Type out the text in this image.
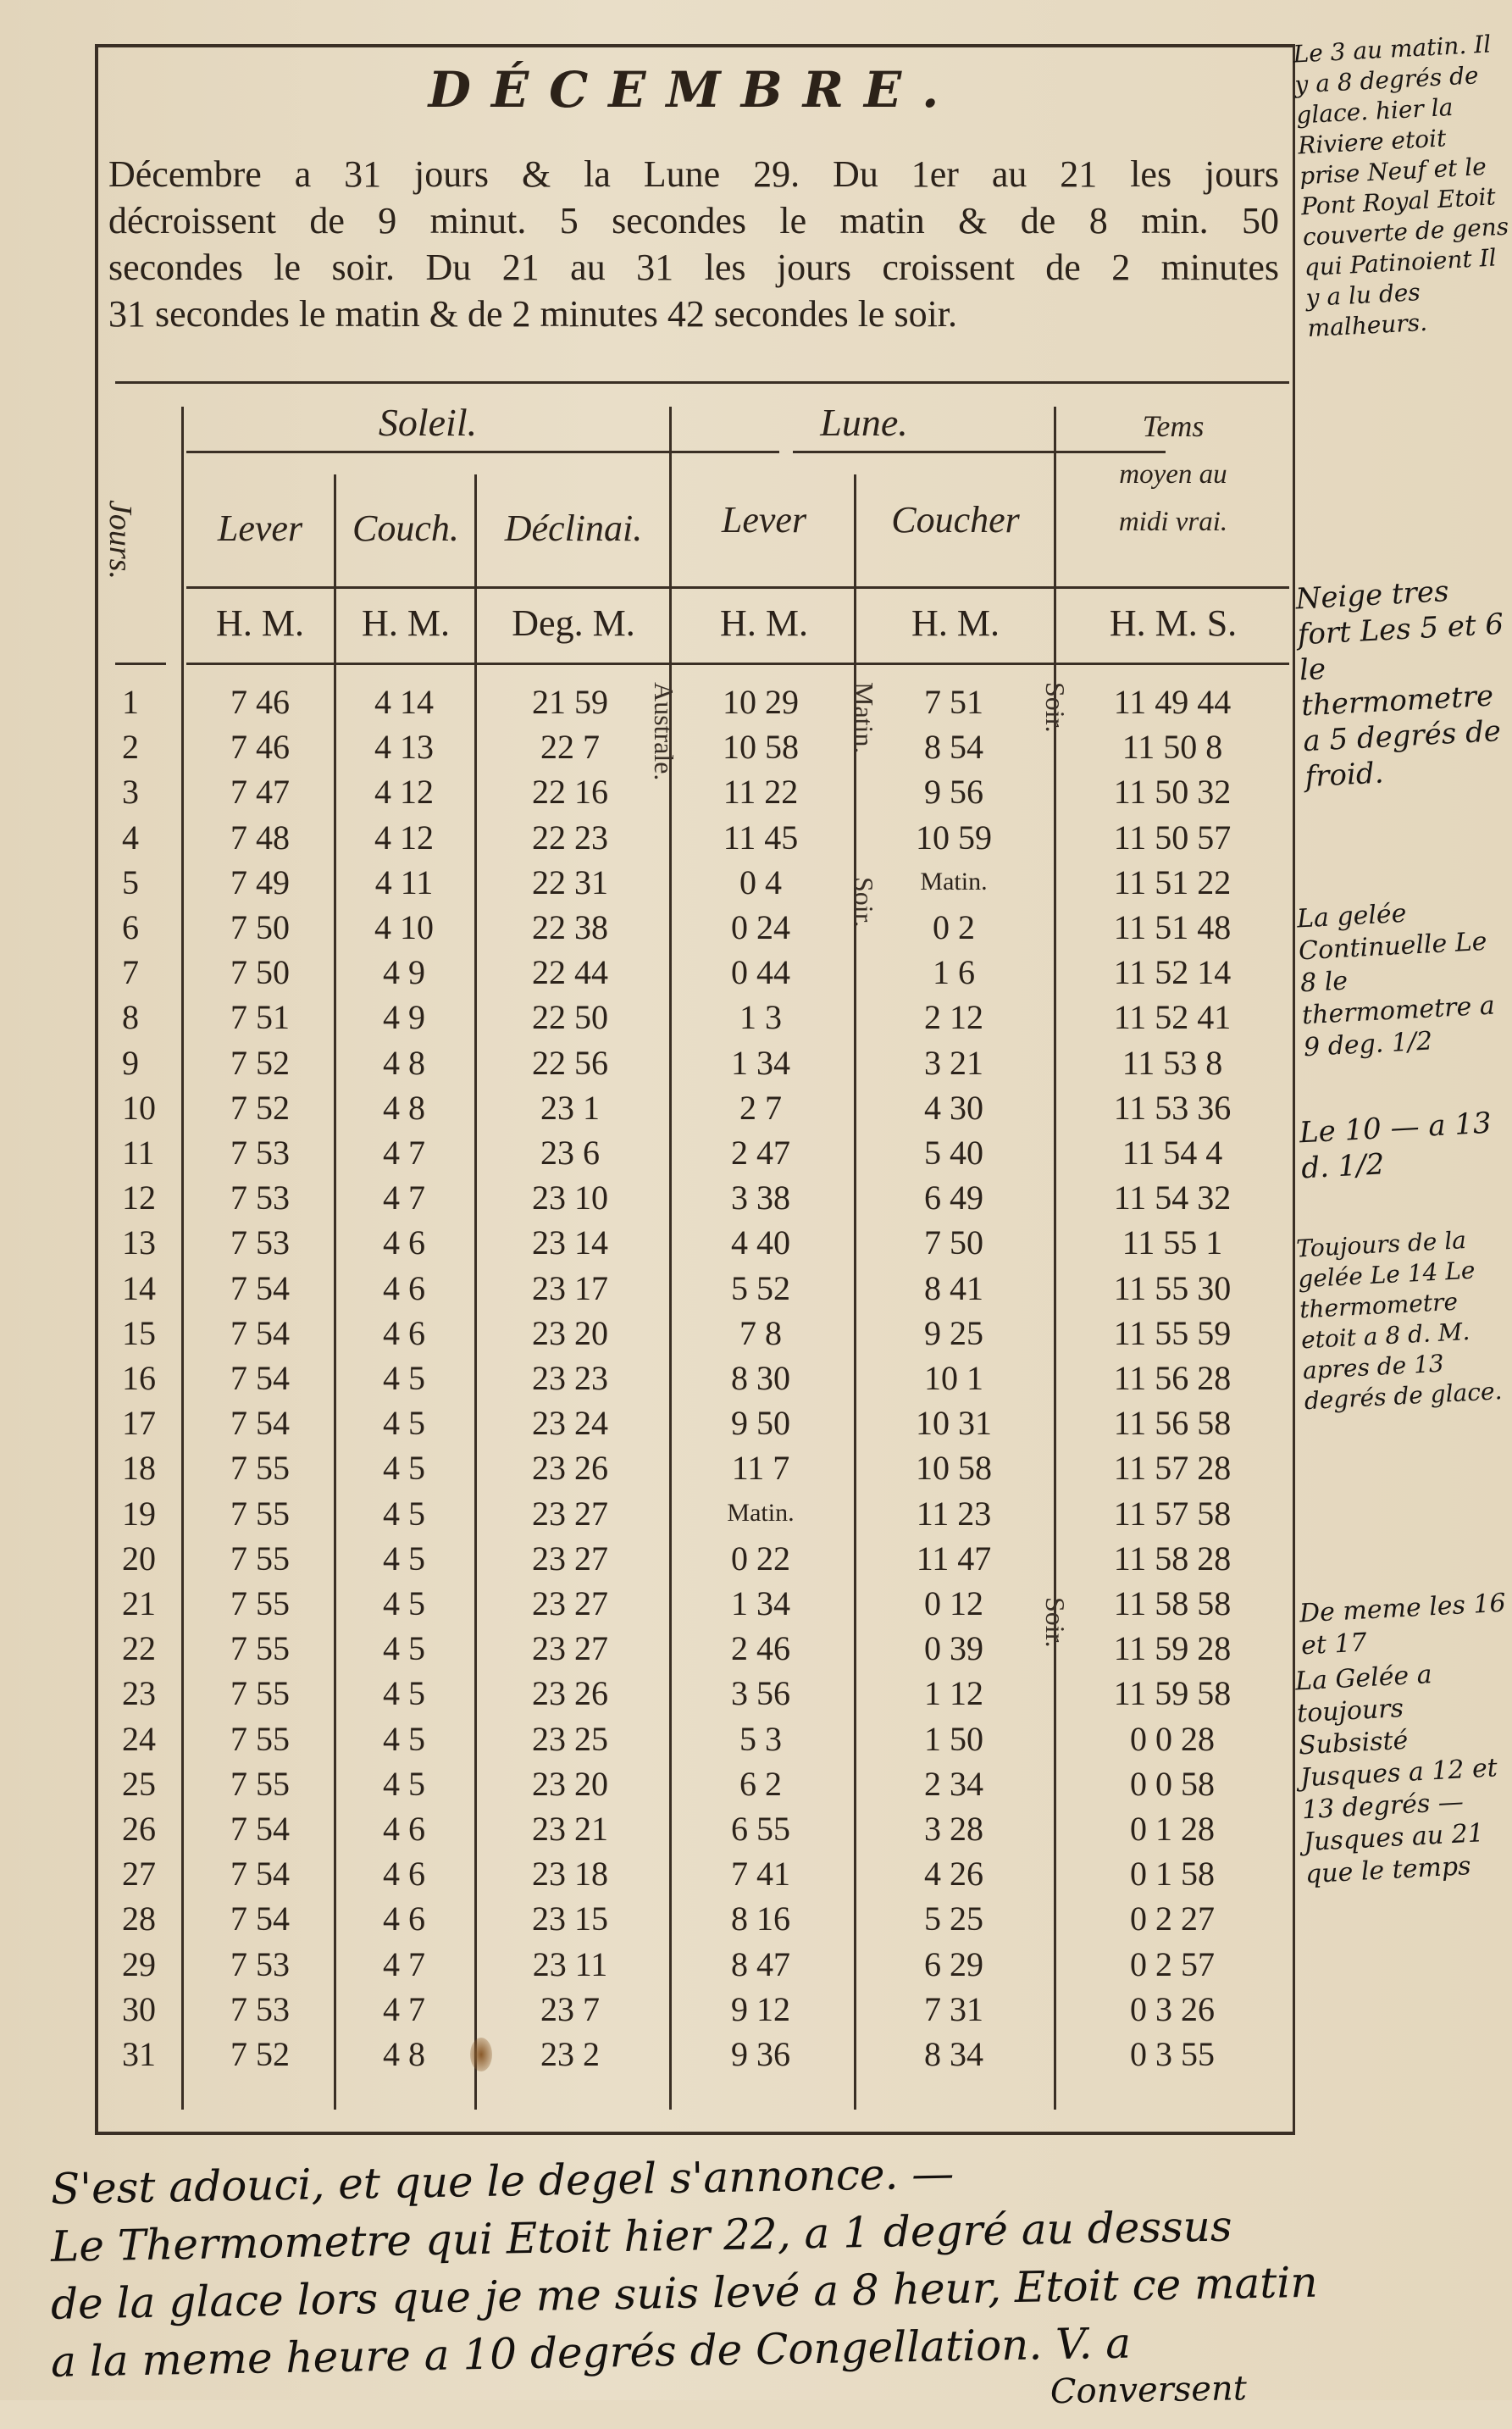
DÉCEMBRE.
Décembre a 31 jours & la Lune 29. Du 1er au 21 les jours
décroissent de 9 minut. 5 secondes le matin & de 8 min. 50
secondes le soir. Du 21 au 31 les jours croissent de 2 minutes
31 secondes le matin & de 2 minutes 42 secondes le soir.
Jours.
Soleil.	Lune.	Tems
moyen au
midi vrai.
Lever	Couch.	Déclinai.	Lever	Coucher
H. M.	H. M.	Deg. M.	H. M.	H. M.	H. M. S.
Australe.	Matin.	Soir.
Soir.
Soir.
1	7 46	4 14	21 59	10 29	7 51	11 49 44
2	7 46	4 13	22 7	10 58	8 54	11 50 8
3	7 47	4 12	22 16	11 22	9 56	11 50 32
4	7 48	4 12	22 23	11 45	10 59	11 50 57
5	7 49	4 11	22 31	0 4	Matin.	11 51 22
6	7 50	4 10	22 38	0 24	0 2	11 51 48
7	7 50	4 9	22 44	0 44	1 6	11 52 14
8	7 51	4 9	22 50	1 3	2 12	11 52 41
9	7 52	4 8	22 56	1 34	3 21	11 53 8
10	7 52	4 8	23 1	2 7	4 30	11 53 36
11	7 53	4 7	23 6	2 47	5 40	11 54 4
12	7 53	4 7	23 10	3 38	6 49	11 54 32
13	7 53	4 6	23 14	4 40	7 50	11 55 1
14	7 54	4 6	23 17	5 52	8 41	11 55 30
15	7 54	4 6	23 20	7 8	9 25	11 55 59
16	7 54	4 5	23 23	8 30	10 1	11 56 28
17	7 54	4 5	23 24	9 50	10 31	11 56 58
18	7 55	4 5	23 26	11 7	10 58	11 57 28
19	7 55	4 5	23 27	Matin.	11 23	11 57 58
20	7 55	4 5	23 27	0 22	11 47	11 58 28
21	7 55	4 5	23 27	1 34	0 12	11 58 58
22	7 55	4 5	23 27	2 46	0 39	11 59 28
23	7 55	4 5	23 26	3 56	1 12	11 59 58
24	7 55	4 5	23 25	5 3	1 50	0 0 28
25	7 55	4 5	23 20	6 2	2 34	0 0 58
26	7 54	4 6	23 21	6 55	3 28	0 1 28
27	7 54	4 6	23 18	7 41	4 26	0 1 58
28	7 54	4 6	23 15	8 16	5 25	0 2 27
29	7 53	4 7	23 11	8 47	6 29	0 2 57
30	7 53	4 7	23 7	9 12	7 31	0 3 26
31	7 52	4 8	23 2	9 36	8 34	0 3 55
Le 3 au matin. Il y a 8 degrés de glace. hier la Riviere etoit prise Neuf et le Pont Royal Etoit couverte de gens qui Patinoient Il y a lu des malheurs.
Neige tres fort Les 5 et 6 le thermometre a 5 degrés de froid.
La gelée Continuelle Le 8 le thermometre a 9 deg. 1/2
Le 10 — a 13 d. 1/2
Toujours de la gelée Le 14 Le thermometre etoit a 8 d. M. apres de 13 degrés de glace.
De meme les 16 et 17
La Gelée a toujours Subsisté Jusques a 12 et 13 degrés — Jusques au 21 que le temps
S'est adouci, et que le degel s'annonce. —
Le Thermometre qui Etoit hier 22, a 1 degré au dessus
de la glace lors que je me suis levé a 8 heur, Etoit ce matin
a la meme heure a 10 degrés de Congellation. V. a
Conversent
